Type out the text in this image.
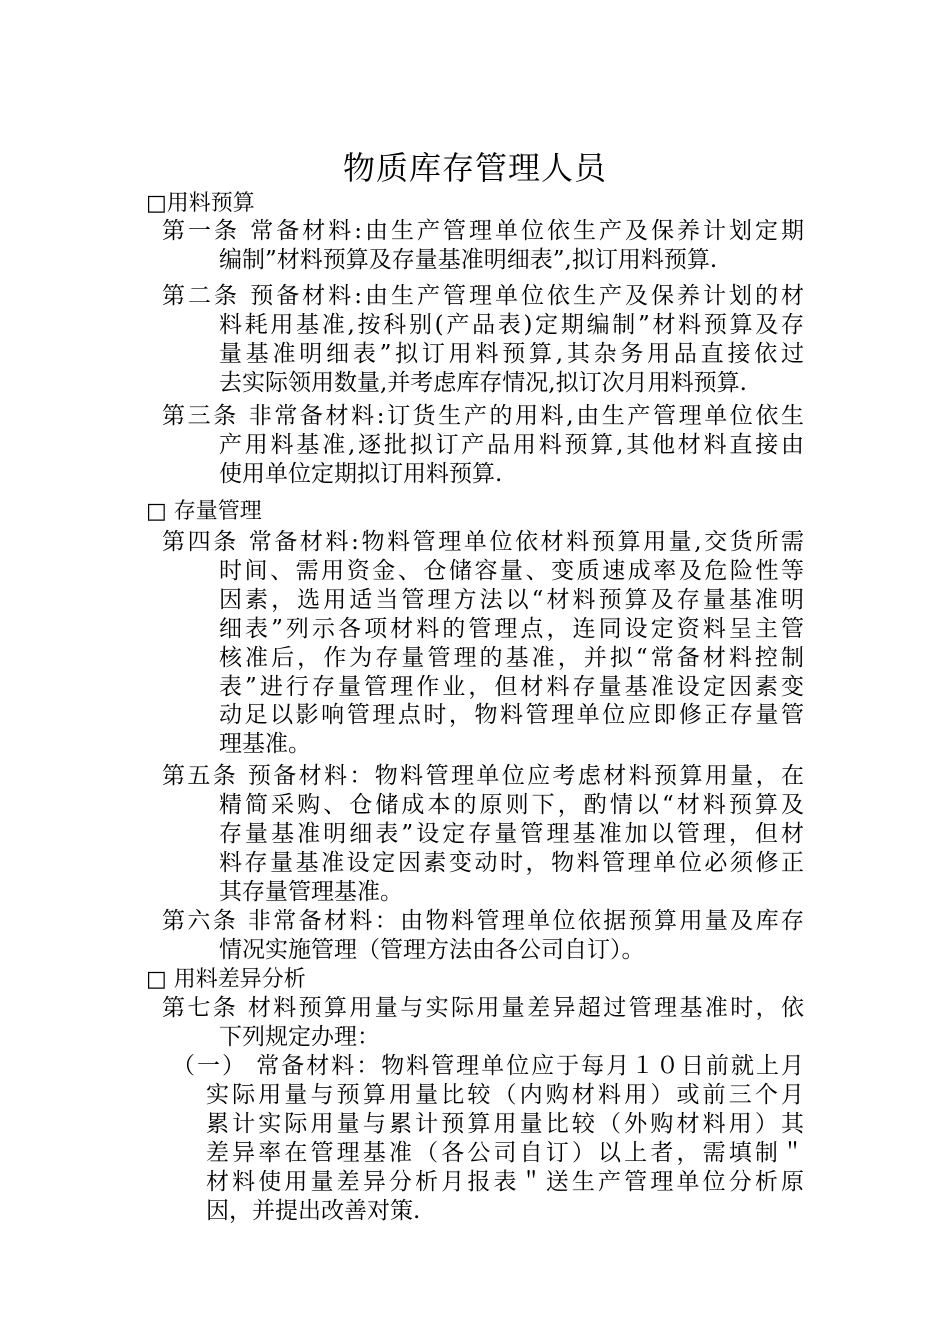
物质库存管理人员
□用料预算
第一条 常备材料:由生产管理单位依生产及保养计划定期
编制”材料预算及存量基准明细表”,拟订用料预算.
第二条 预备材料:由生产管理单位依生产及保养计划的材
料耗用基准,按科别(产品表)定期编制”材料预算及存
量基准明细表”拟订用料预算,其杂务用品直接依过
去实际领用数量,并考虑库存情况,拟订次月用料预算.
第三条 非常备材料:订货生产的用料,由生产管理单位依生
产用料基准,逐批拟订产品用料预算,其他材料直接由
使用单位定期拟订用料预算.
□ 存量管理
第四条 常备材料:物料管理单位依材料预算用量,交货所需
时间、需用资金、仓储容量、变质速成率及危险性等
因素，选用适当管理方法以“材料预算及存量基准明
细表”列示各项材料的管理点，连同设定资料呈主管
核准后，作为存量管理的基准，并拟“常备材料控制
表”进行存量管理作业，但材料存量基准设定因素变
动足以影响管理点时，物料管理单位应即修正存量管
理基准。
第五条 预备材料：物料管理单位应考虑材料预算用量，在
精简采购、仓储成本的原则下，酌情以“材料预算及
存量基准明细表”设定存量管理基准加以管理，但材
料存量基准设定因素变动时，物料管理单位必须修正
其存量管理基准。
第六条 非常备材料：由物料管理单位依据预算用量及库存
情况实施管理（管理方法由各公司自订）。
□ 用料差异分析
第七条 材料预算用量与实际用量差异超过管理基准时，依
下列规定办理：
（一） 常备材料：物料管理单位应于每月１０日前就上月
实际用量与预算用量比较（内购材料用）或前三个月
累计实际用量与累计预算用量比较（外购材料用）其
差异率在管理基准（各公司自订）以上者，需填制＂
材料使用量差异分析月报表＂送生产管理单位分析原
因，并提出改善对策.
